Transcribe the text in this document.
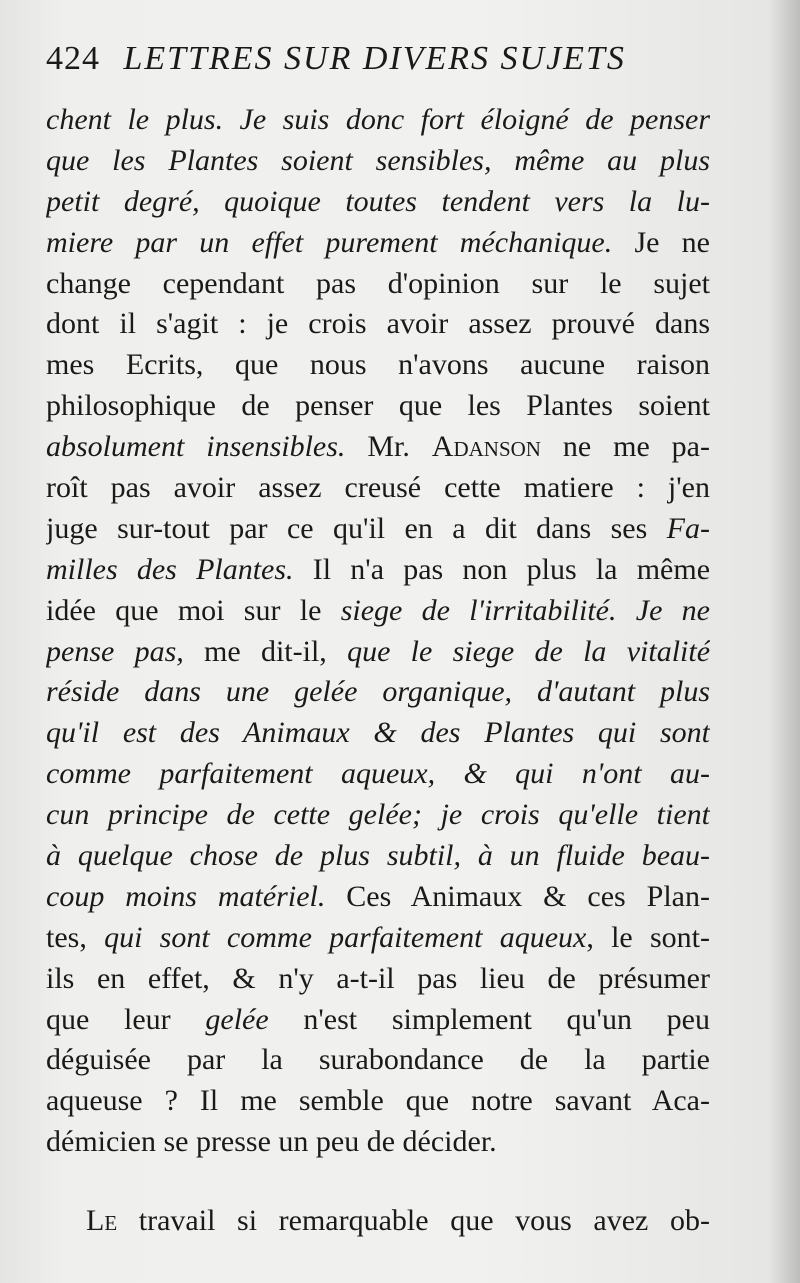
424 LETTRES SUR DIVERS SUJETS
chent le plus. Je suis donc fort éloigné de penser
que les Plantes soient sensibles, même au plus
petit degré, quoique toutes tendent vers la lu-
miere par un effet purement méchanique. Je ne
change cependant pas d'opinion sur le sujet
dont il s'agit : je crois avoir assez prouvé dans
mes Ecrits, que nous n'avons aucune raison
philosophique de penser que les Plantes soient
absolument insensibles. Mr. Adanson ne me pa-
roît pas avoir assez creusé cette matiere : j'en
juge sur-tout par ce qu'il en a dit dans ses Fa-
milles des Plantes. Il n'a pas non plus la même
idée que moi sur le siege de l'irritabilité. Je ne
pense pas, me dit-il, que le siege de la vitalité
réside dans une gelée organique, d'autant plus
qu'il est des Animaux & des Plantes qui sont
comme parfaitement aqueux, & qui n'ont au-
cun principe de cette gelée; je crois qu'elle tient
à quelque chose de plus subtil, à un fluide beau-
coup moins matériel. Ces Animaux & ces Plan-
tes, qui sont comme parfaitement aqueux, le sont-
ils en effet, & n'y a-t-il pas lieu de présumer
que leur gelée n'est simplement qu'un peu
déguisée par la surabondance de la partie
aqueuse ? Il me semble que notre savant Aca-
démicien se presse un peu de décider.
Le travail si remarquable que vous avez ob-
